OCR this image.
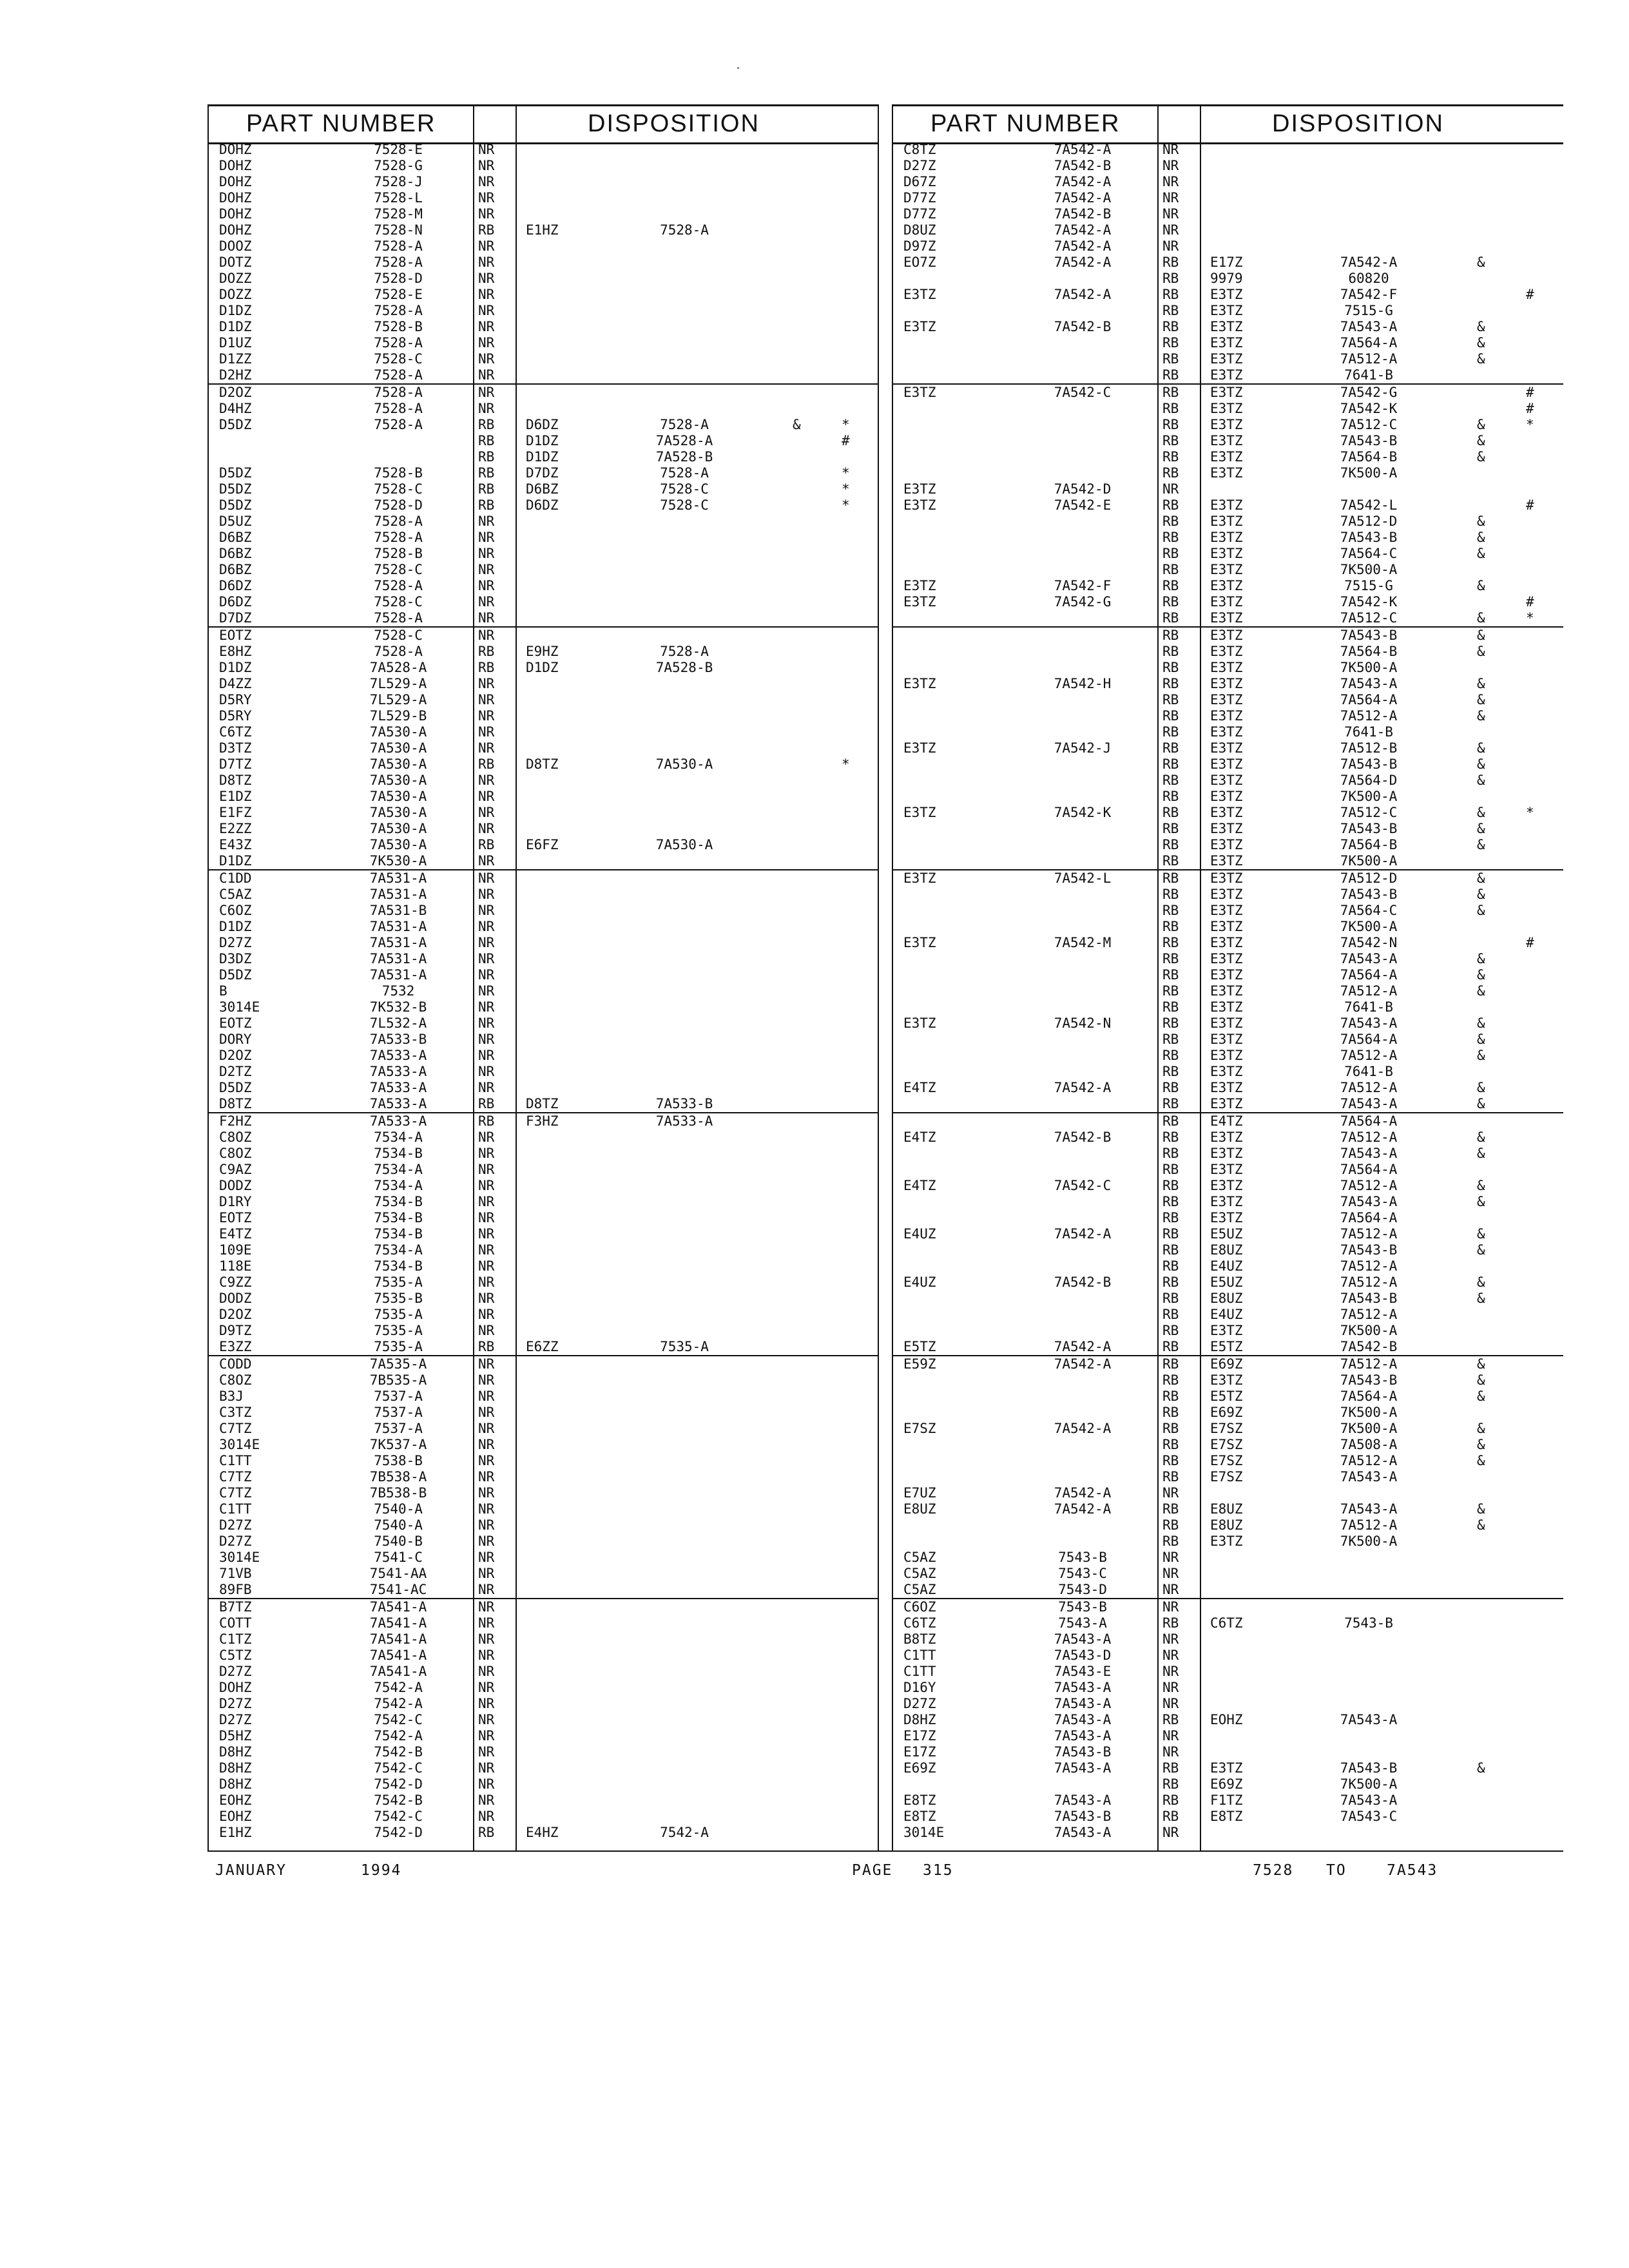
PART NUMBER	DISPOSITION
DOHZ	7528-E	NR
DOHZ	7528-G	NR
DOHZ	7528-J	NR
DOHZ	7528-L	NR
DOHZ	7528-M	NR
DOHZ	7528-N	RB E1HZ	7528-A
DOOZ	7528-A	NR
DOTZ	7528-A	NR
DOZZ	7528-D	NR
DOZZ	7528-E	NR
D1DZ	7528-A	NR
D1DZ	7528-B	NR
D1UZ	7528-A	NR
D1ZZ	7528-C	NR
D2HZ	7528-A	NR
D2OZ	7528-A	NR
D4HZ	7528-A	NR
D5DZ	7528-A	RB D6DZ	7528-A	&	*
RB D1DZ	7A528-A	#
RB D1DZ	7A528-B
D5DZ	7528-B	RB D7DZ	7528-A	*
D5DZ	7528-C	RB D6BZ	7528-C	*
D5DZ	7528-D	RB D6DZ	7528-C	*
D5UZ	7528-A	NR
D6BZ	7528-A	NR
D6BZ	7528-B	NR
D6BZ	7528-C	NR
D6DZ	7528-A	NR
D6DZ	7528-C	NR
D7DZ	7528-A	NR
EOTZ	7528-C	NR
E8HZ	7528-A	RB E9HZ	7528-A
D1DZ	7A528-A	RB D1DZ	7A528-B
D4ZZ	7L529-A	NR
D5RY	7L529-A	NR
D5RY	7L529-B	NR
C6TZ	7A530-A	NR
D3TZ	7A530-A	NR
D7TZ	7A530-A	RB D8TZ	7A530-A	*
D8TZ	7A530-A	NR
E1DZ	7A530-A	NR
E1FZ	7A530-A	NR
E2ZZ	7A530-A	NR
E43Z	7A530-A	RB E6FZ	7A530-A
D1DZ	7K530-A	NR
C1DD	7A531-A	NR
C5AZ	7A531-A	NR
C6OZ	7A531-B	NR
D1DZ	7A531-A	NR
D27Z	7A531-A	NR
D3DZ	7A531-A	NR
D5DZ	7A531-A	NR
B	7532	NR
3014E	7K532-B	NR
EOTZ	7L532-A	NR
DORY	7A533-B	NR
D2OZ	7A533-A	NR
D2TZ	7A533-A	NR
D5DZ	7A533-A	NR
D8TZ	7A533-A	RB D8TZ	7A533-B
F2HZ	7A533-A	RB F3HZ	7A533-A
C8OZ	7534-A	NR
C8OZ	7534-B	NR
C9AZ	7534-A	NR
DODZ	7534-A	NR
D1RY	7534-B	NR
EOTZ	7534-B	NR
E4TZ	7534-B	NR
109E	7534-A	NR
118E	7534-B	NR
C9ZZ	7535-A	NR
DODZ	7535-B	NR
D2OZ	7535-A	NR
D9TZ	7535-A	NR
E3ZZ	7535-A	RB E6ZZ	7535-A
CODD	7A535-A	NR
C8OZ	7B535-A	NR
B3J	7537-A	NR
C3TZ	7537-A	NR
C7TZ	7537-A	NR
3014E	7K537-A	NR
C1TT	7538-B	NR
C7TZ	7B538-A	NR
C7TZ	7B538-B	NR
C1TT	7540-A	NR
D27Z	7540-A	NR
D27Z	7540-B	NR
3014E	7541-C	NR
71VB	7541-AA	NR
89FB	7541-AC	NR
B7TZ	7A541-A	NR
COTT	7A541-A	NR
C1TZ	7A541-A	NR
C5TZ	7A541-A	NR
D27Z	7A541-A	NR
DOHZ	7542-A	NR
D27Z	7542-A	NR
D27Z	7542-C	NR
D5HZ	7542-A	NR
D8HZ	7542-B	NR
D8HZ	7542-C	NR
D8HZ	7542-D	NR
EOHZ	7542-B	NR
EOHZ	7542-C	NR
E1HZ	7542-D	RB E4HZ	7542-A
PART NUMBER	DISPOSITION
C8TZ	7A542-A	NR
D27Z	7A542-B	NR
D67Z	7A542-A	NR
D77Z	7A542-A	NR
D77Z	7A542-B	NR
D8UZ	7A542-A	NR
D97Z	7A542-A	NR
EO7Z	7A542-A	RB E17Z	7A542-A	&
RB 9979	60820
E3TZ	7A542-A	RB E3TZ	7A542-F	#
RB E3TZ	7515-G
E3TZ	7A542-B	RB E3TZ	7A543-A	&
RB E3TZ	7A564-A	&
RB E3TZ	7A512-A	&
RB E3TZ	7641-B
E3TZ	7A542-C	RB E3TZ	7A542-G	#
RB E3TZ	7A542-K	#
RB E3TZ	7A512-C	&	*
RB E3TZ	7A543-B	&
RB E3TZ	7A564-B	&
RB E3TZ	7K500-A
E3TZ	7A542-D	NR
E3TZ	7A542-E	RB E3TZ	7A542-L	#
RB E3TZ	7A512-D	&
RB E3TZ	7A543-B	&
RB E3TZ	7A564-C	&
RB E3TZ	7K500-A
E3TZ	7A542-F	RB E3TZ	7515-G	&
E3TZ	7A542-G	RB E3TZ	7A542-K	#
RB E3TZ	7A512-C	&	*
RB E3TZ	7A543-B	&
RB E3TZ	7A564-B	&
RB E3TZ	7K500-A
E3TZ	7A542-H	RB E3TZ	7A543-A	&
RB E3TZ	7A564-A	&
RB E3TZ	7A512-A	&
RB E3TZ	7641-B
E3TZ	7A542-J	RB E3TZ	7A512-B	&
RB E3TZ	7A543-B	&
RB E3TZ	7A564-D	&
RB E3TZ	7K500-A
E3TZ	7A542-K	RB E3TZ	7A512-C	&	*
RB E3TZ	7A543-B	&
RB E3TZ	7A564-B	&
RB E3TZ	7K500-A
E3TZ	7A542-L	RB E3TZ	7A512-D	&
RB E3TZ	7A543-B	&
RB E3TZ	7A564-C	&
RB E3TZ	7K500-A
E3TZ	7A542-M	RB E3TZ	7A542-N	#
RB E3TZ	7A543-A	&
RB E3TZ	7A564-A	&
RB E3TZ	7A512-A	&
RB E3TZ	7641-B
E3TZ	7A542-N	RB E3TZ	7A543-A	&
RB E3TZ	7A564-A	&
RB E3TZ	7A512-A	&
RB E3TZ	7641-B
E4TZ	7A542-A	RB E3TZ	7A512-A	&
RB E3TZ	7A543-A	&
RB E4TZ	7A564-A
E4TZ	7A542-B	RB E3TZ	7A512-A	&
RB E3TZ	7A543-A	&
RB E3TZ	7A564-A
E4TZ	7A542-C	RB E3TZ	7A512-A	&
RB E3TZ	7A543-A	&
RB E3TZ	7A564-A
E4UZ	7A542-A	RB E5UZ	7A512-A	&
RB E8UZ	7A543-B	&
RB E4UZ	7A512-A
E4UZ	7A542-B	RB E5UZ	7A512-A	&
RB E8UZ	7A543-B	&
RB E4UZ	7A512-A
RB E3TZ	7K500-A
E5TZ	7A542-A	RB E5TZ	7A542-B
E59Z	7A542-A	RB E69Z	7A512-A	&
RB E3TZ	7A543-B	&
RB E5TZ	7A564-A	&
RB E69Z	7K500-A
E7SZ	7A542-A	RB E7SZ	7K500-A	&
RB E7SZ	7A508-A	&
RB E7SZ	7A512-A	&
RB E7SZ	7A543-A
E7UZ	7A542-A	NR
E8UZ	7A542-A	RB E8UZ	7A543-A	&
RB E8UZ	7A512-A	&
RB E3TZ	7K500-A
C5AZ	7543-B	NR
C5AZ	7543-C	NR
C5AZ	7543-D	NR
C6OZ	7543-B	NR
C6TZ	7543-A	RB C6TZ	7543-B
B8TZ	7A543-A	NR
C1TT	7A543-D	NR
C1TT	7A543-E	NR
D16Y	7A543-A	NR
D27Z	7A543-A	NR
D8HZ	7A543-A	RB EOHZ	7A543-A
E17Z	7A543-A	NR
E17Z	7A543-B	NR
E69Z	7A543-A	RB E3TZ	7A543-B	&
RB E69Z	7K500-A
E8TZ	7A543-A	RB F1TZ	7A543-A
E8TZ	7A543-B	RB E8TZ	7A543-C
3014E	7A543-A	NR
JANUARY	1994	PAGE 315	7528 TO	7A543
